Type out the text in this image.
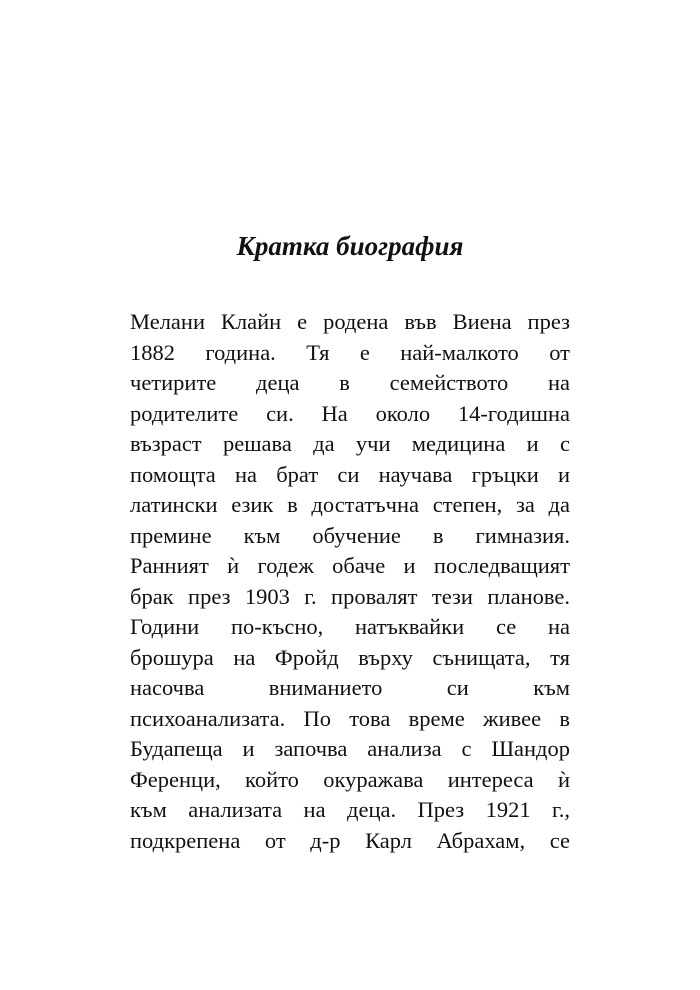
Кратка биография
Мелани Клайн е родена във Виена през
1882 година. Тя е най-малкото от
четирите деца в семейството на
родителите си. На около 14-годишна
възраст решава да учи медицина и с
помощта на брат си научава гръцки и
латински език в достатъчна степен, за да
премине към обучение в гимназия.
Ранният ѝ годеж обаче и последващият
брак през 1903 г. провалят тези планове.
Години по-късно, натъквайки се на
брошура на Фройд върху сънищата, тя
насочва вниманието си към
психоанализата. По това време живее в
Будапеща и започва анализа с Шандор
Ференци, който окуражава интереса ѝ
към анализата на деца. През 1921 г.,
подкрепена от д-р Карл Абрахам, се
